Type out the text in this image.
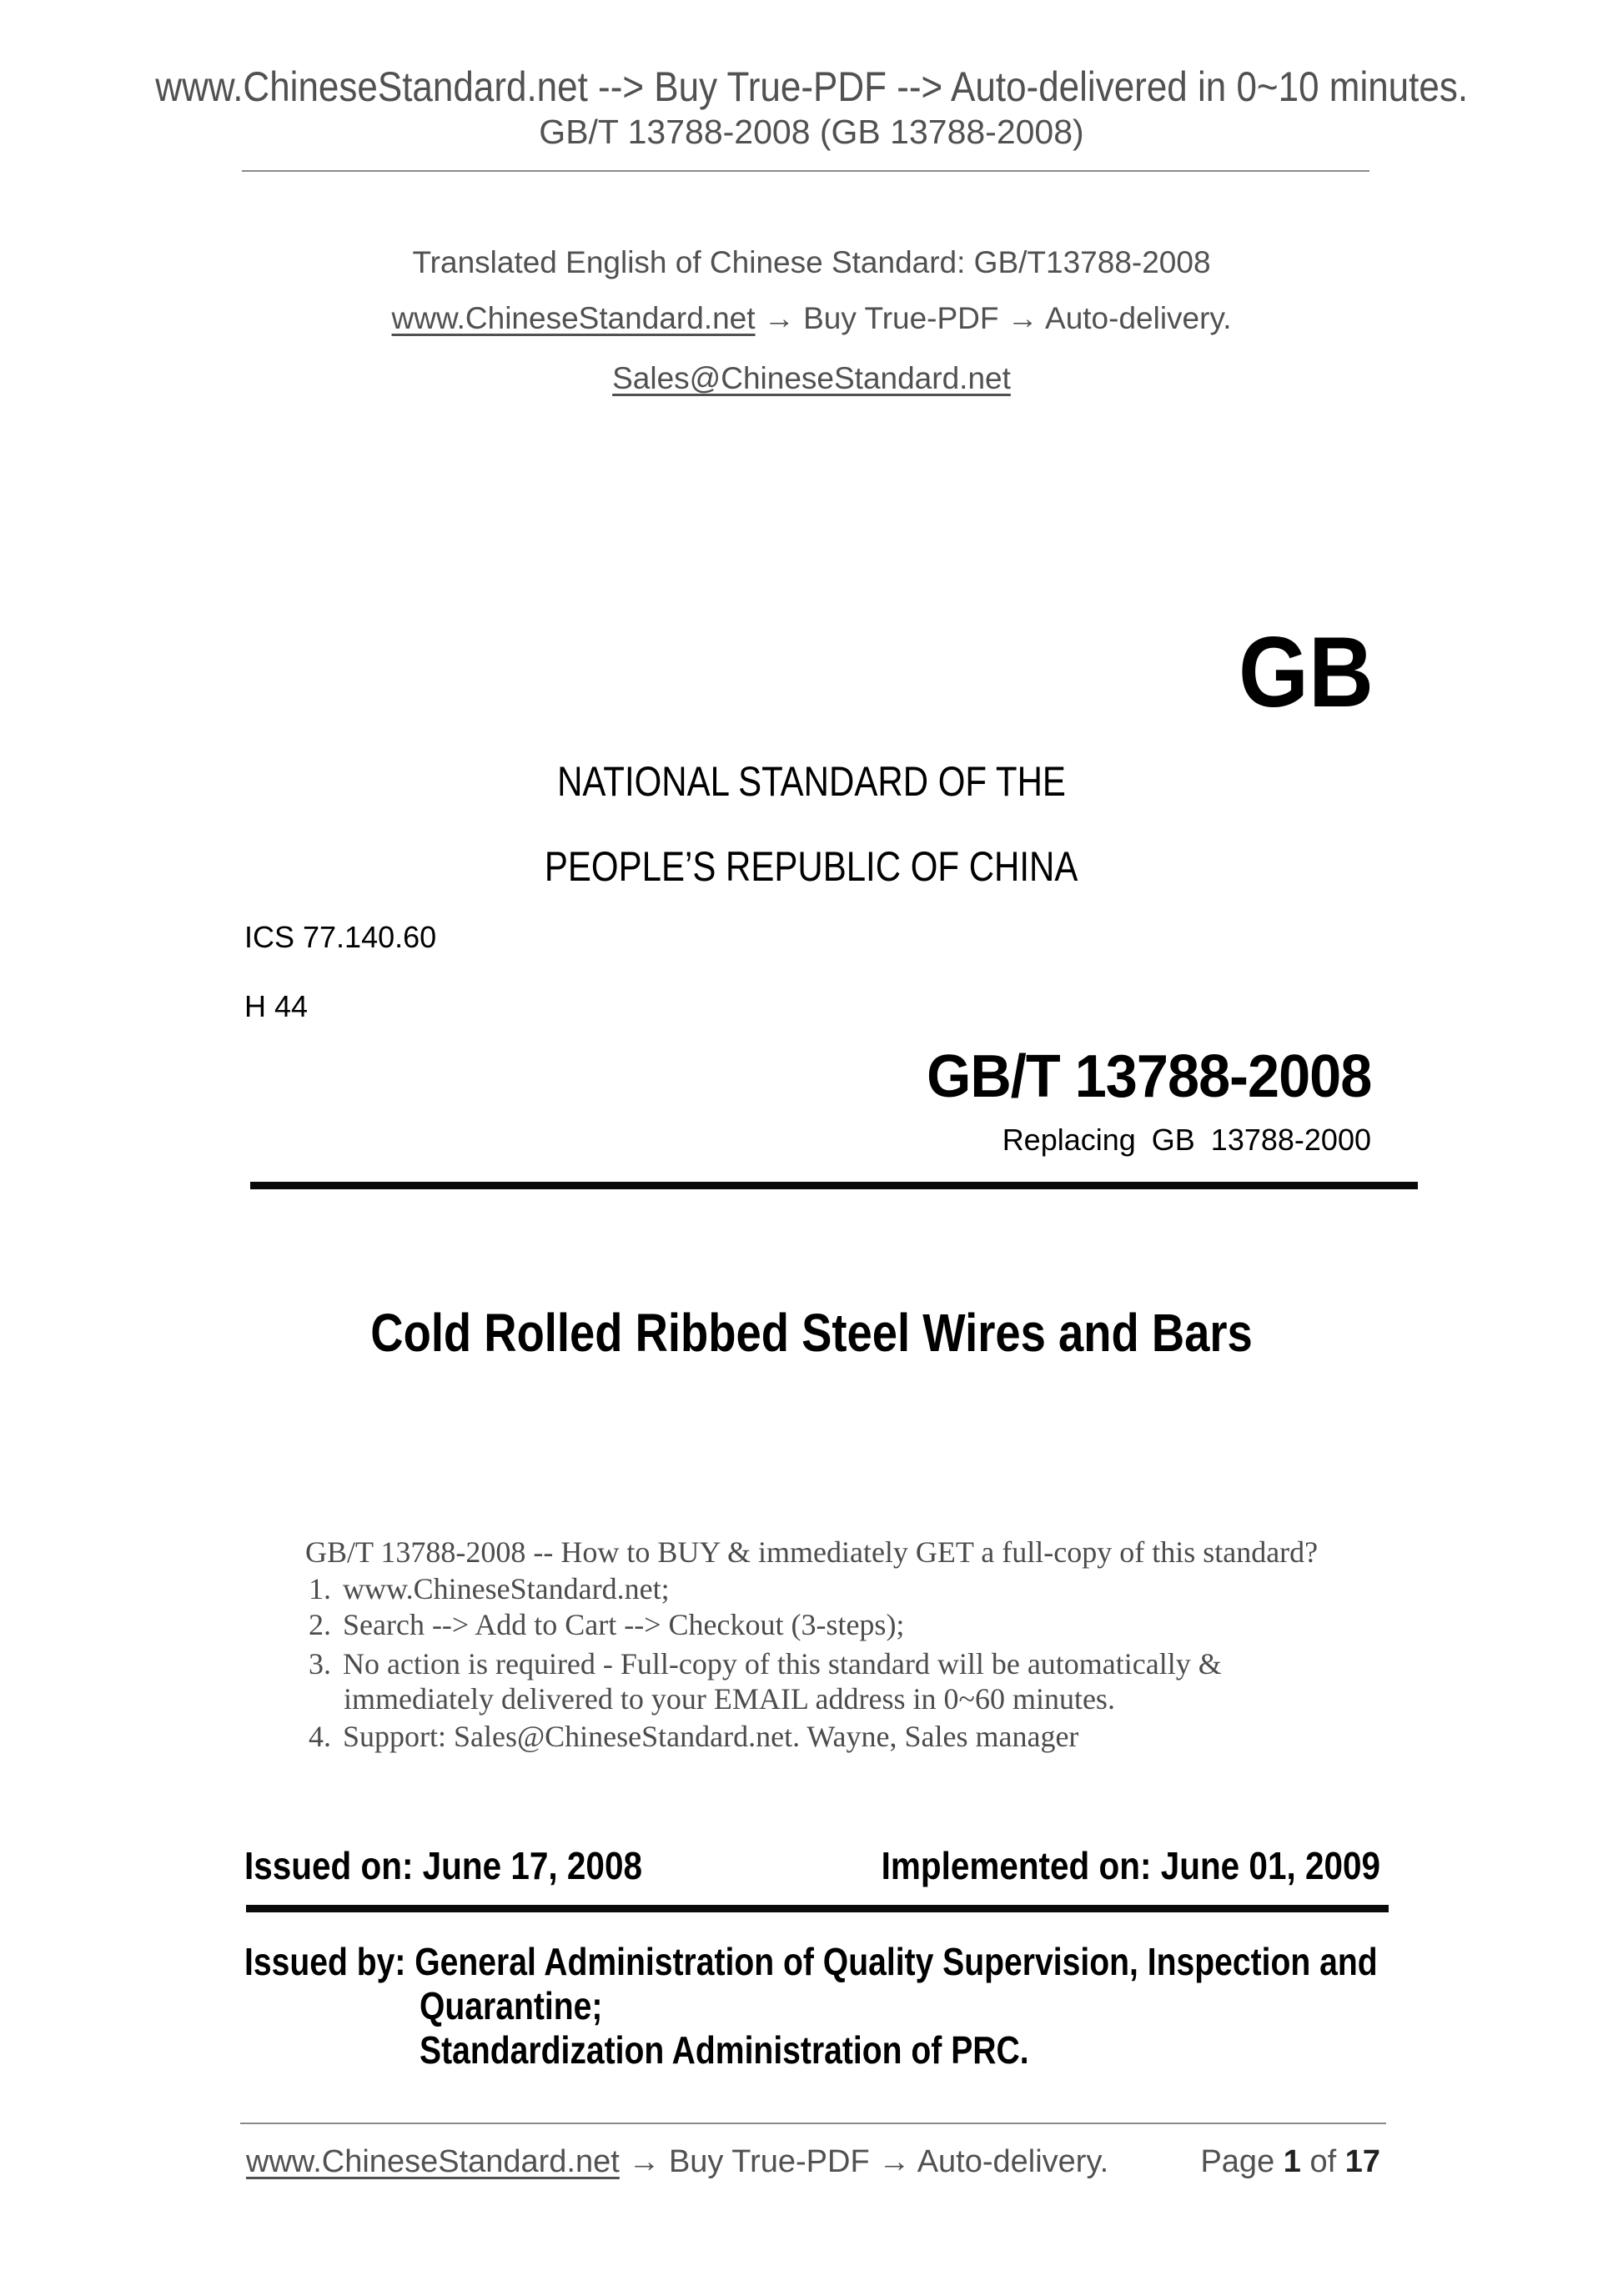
www.ChineseStandard.net --> Buy True-PDF --> Auto-delivered in 0~10 minutes.
GB/T 13788-2008 (GB 13788-2008)
Translated English of Chinese Standard: GB/T13788-2008
www.ChineseStandard.net → Buy True-PDF → Auto-delivery.
Sales@ChineseStandard.net
GB
NATIONAL STANDARD OF THE
PEOPLE’S REPUBLIC OF CHINA
ICS 77.140.60
H 44
GB/T 13788-2008
Replacing GB 13788-2000
Cold Rolled Ribbed Steel Wires and Bars
GB/T 13788-2008 -- How to BUY & immediately GET a full-copy of this standard?
1. www.ChineseStandard.net;
2. Search --> Add to Cart --> Checkout (3-steps);
3. No action is required - Full-copy of this standard will be automatically &
immediately delivered to your EMAIL address in 0~60 minutes.
4. Support: Sales@ChineseStandard.net. Wayne, Sales manager
Issued on: June 17, 2008	Implemented on: June 01, 2009
Issued by: General Administration of Quality Supervision, Inspection and
Quarantine;
Standardization Administration of PRC.
www.ChineseStandard.net → Buy True-PDF → Auto-delivery.	Page 1 of 17
